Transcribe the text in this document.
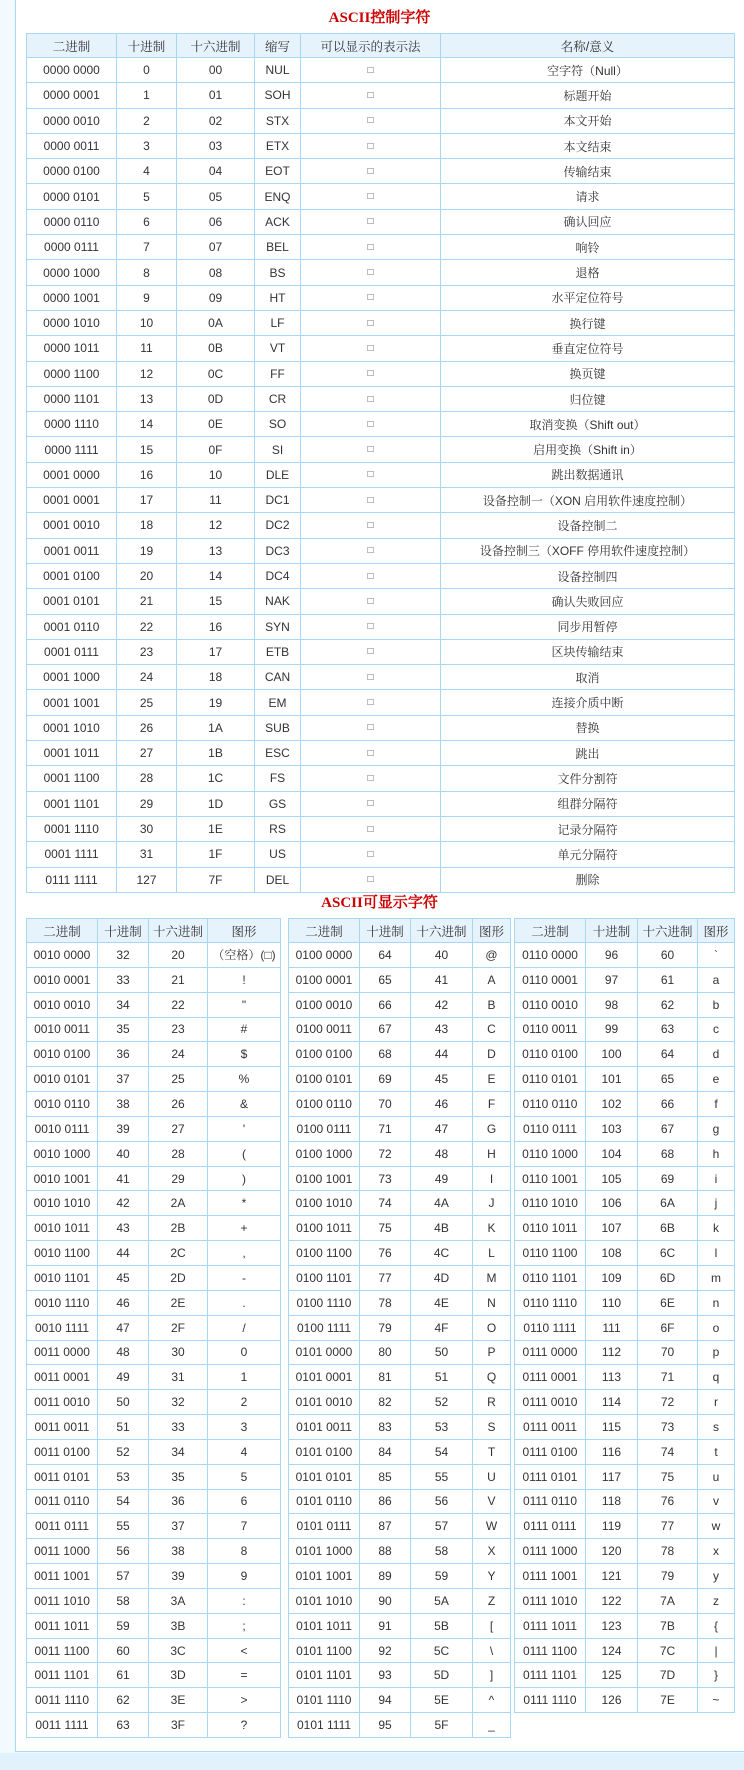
ASCII控制字符
二进制	十进制	十六进制	缩写	可以显示的表示法	名称/意义
0000 0000	0	00	NUL	□	空字符（Null）
0000 0001	1	01	SOH	□	标题开始
0000 0010	2	02	STX	□	本文开始
0000 0011	3	03	ETX	□	本文结束
0000 0100	4	04	EOT	□	传输结束
0000 0101	5	05	ENQ	□	请求
0000 0110	6	06	ACK	□	确认回应
0000 0111	7	07	BEL	□	响铃
0000 1000	8	08	BS	□	退格
0000 1001	9	09	HT	□	水平定位符号
0000 1010	10	0A	LF	□	换行键
0000 1011	11	0B	VT	□	垂直定位符号
0000 1100	12	0C	FF	□	换页键
0000 1101	13	0D	CR	□	归位键
0000 1110	14	0E	SO	□	取消变换（Shift out）
0000 1111	15	0F	SI	□	启用变换（Shift in）
0001 0000	16	10	DLE	□	跳出数据通讯
0001 0001	17	11	DC1	□	设备控制一（XON 启用软件速度控制）
0001 0010	18	12	DC2	□	设备控制二
0001 0011	19	13	DC3	□	设备控制三（XOFF 停用软件速度控制）
0001 0100	20	14	DC4	□	设备控制四
0001 0101	21	15	NAK	□	确认失败回应
0001 0110	22	16	SYN	□	同步用暂停
0001 0111	23	17	ETB	□	区块传输结束
0001 1000	24	18	CAN	□	取消
0001 1001	25	19	EM	□	连接介质中断
0001 1010	26	1A	SUB	□	替换
0001 1011	27	1B	ESC	□	跳出
0001 1100	28	1C	FS	□	文件分割符
0001 1101	29	1D	GS	□	组群分隔符
0001 1110	30	1E	RS	□	记录分隔符
0001 1111	31	1F	US	□	单元分隔符
0111 1111	127	7F	DEL	□	删除
ASCII可显示字符
二进制	十进制	十六进制	图形
0010 0000	32	20	（空格）(□)
0010 0001	33	21	!
0010 0010	34	22	"
0010 0011	35	23	#
0010 0100	36	24	$
0010 0101	37	25	%
0010 0110	38	26	&
0010 0111	39	27	'
0010 1000	40	28	(
0010 1001	41	29	)
0010 1010	42	2A	*
0010 1011	43	2B	+
0010 1100	44	2C	,
0010 1101	45	2D	-
0010 1110	46	2E	.
0010 1111	47	2F	/
0011 0000	48	30	0
0011 0001	49	31	1
0011 0010	50	32	2
0011 0011	51	33	3
0011 0100	52	34	4
0011 0101	53	35	5
0011 0110	54	36	6
0011 0111	55	37	7
0011 1000	56	38	8
0011 1001	57	39	9
0011 1010	58	3A	:
0011 1011	59	3B	;
0011 1100	60	3C	<
0011 1101	61	3D	=
0011 1110	62	3E	>
0011 1111	63	3F	?
二进制	十进制	十六进制	图形
0100 0000	64	40	@
0100 0001	65	41	A
0100 0010	66	42	B
0100 0011	67	43	C
0100 0100	68	44	D
0100 0101	69	45	E
0100 0110	70	46	F
0100 0111	71	47	G
0100 1000	72	48	H
0100 1001	73	49	I
0100 1010	74	4A	J
0100 1011	75	4B	K
0100 1100	76	4C	L
0100 1101	77	4D	M
0100 1110	78	4E	N
0100 1111	79	4F	O
0101 0000	80	50	P
0101 0001	81	51	Q
0101 0010	82	52	R
0101 0011	83	53	S
0101 0100	84	54	T
0101 0101	85	55	U
0101 0110	86	56	V
0101 0111	87	57	W
0101 1000	88	58	X
0101 1001	89	59	Y
0101 1010	90	5A	Z
0101 1011	91	5B	[
0101 1100	92	5C	\
0101 1101	93	5D	]
0101 1110	94	5E	^
0101 1111	95	5F	_
二进制	十进制	十六进制	图形
0110 0000	96	60	`
0110 0001	97	61	a
0110 0010	98	62	b
0110 0011	99	63	c
0110 0100	100	64	d
0110 0101	101	65	e
0110 0110	102	66	f
0110 0111	103	67	g
0110 1000	104	68	h
0110 1001	105	69	i
0110 1010	106	6A	j
0110 1011	107	6B	k
0110 1100	108	6C	l
0110 1101	109	6D	m
0110 1110	110	6E	n
0110 1111	111	6F	o
0111 0000	112	70	p
0111 0001	113	71	q
0111 0010	114	72	r
0111 0011	115	73	s
0111 0100	116	74	t
0111 0101	117	75	u
0111 0110	118	76	v
0111 0111	119	77	w
0111 1000	120	78	x
0111 1001	121	79	y
0111 1010	122	7A	z
0111 1011	123	7B	{
0111 1100	124	7C	|
0111 1101	125	7D	}
0111 1110	126	7E	~
